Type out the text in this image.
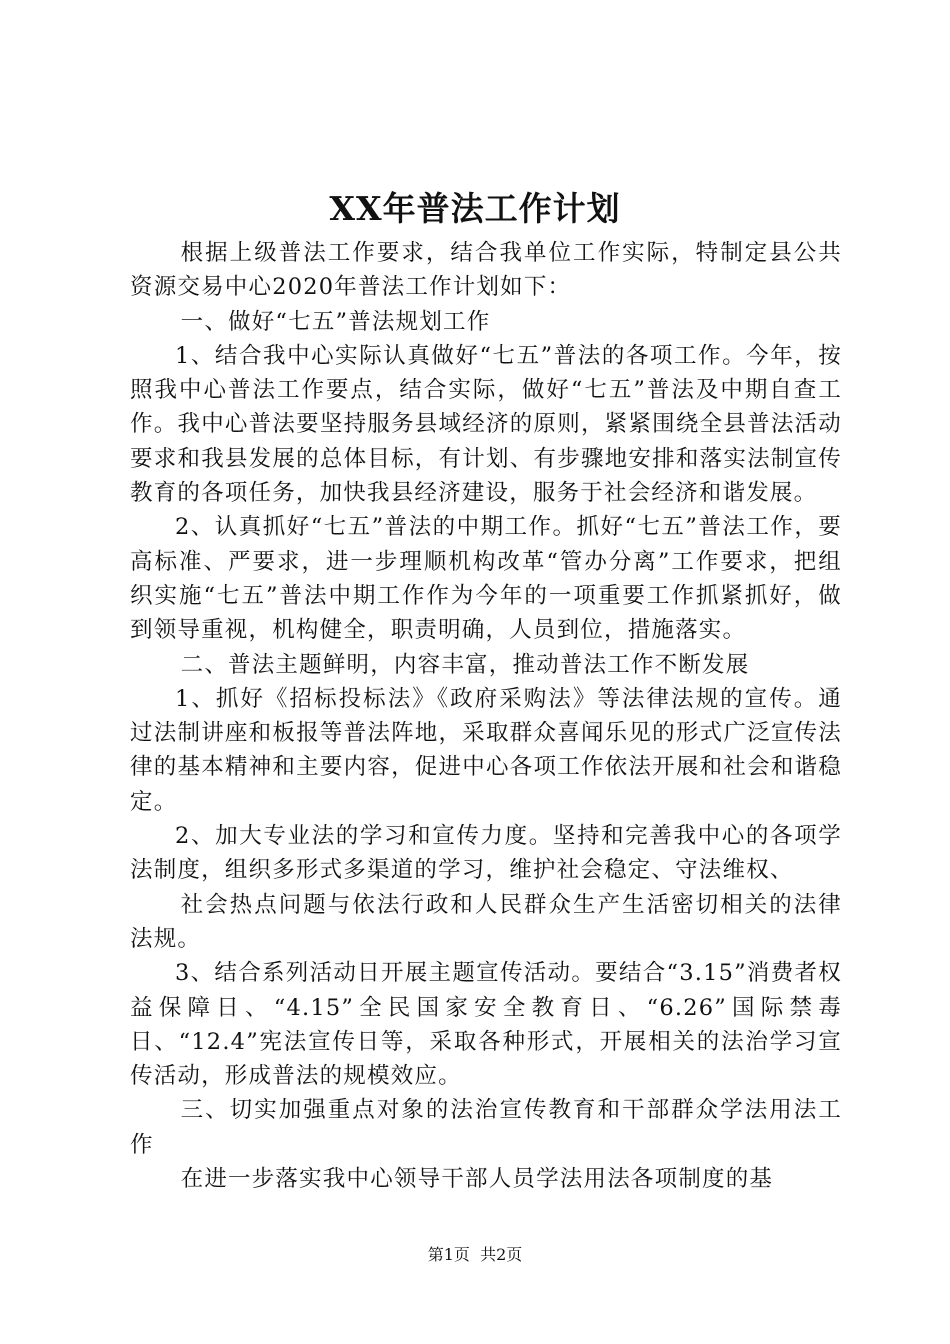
XX年普法工作计划

根据上级普法工作要求，结合我单位工作实际，特制定县公共资源交易中心2020年普法工作计划如下：

一、做好“七五”普法规划工作

1、结合我中心实际认真做好“七五”普法的各项工作。今年，按照我中心普法工作要点，结合实际，做好“七五”普法及中期自查工作。我中心普法要坚持服务县域经济的原则，紧紧围绕全县普法活动要求和我县发展的总体目标，有计划、有步骤地安排和落实法制宣传教育的各项任务，加快我县经济建设，服务于社会经济和谐发展。

2、认真抓好“七五”普法的中期工作。抓好“七五”普法工作，要高标准、严要求，进一步理顺机构改革“管办分离”工作要求，把组织实施“七五”普法中期工作作为今年的一项重要工作抓紧抓好，做到领导重视，机构健全，职责明确，人员到位，措施落实。

二、普法主题鲜明，内容丰富，推动普法工作不断发展

1、抓好《招标投标法》《政府采购法》等法律法规的宣传。通过法制讲座和板报等普法阵地，采取群众喜闻乐见的形式广泛宣传法律的基本精神和主要内容，促进中心各项工作依法开展和社会和谐稳定。

2、加大专业法的学习和宣传力度。坚持和完善我中心的各项学法制度，组织多形式多渠道的学习，维护社会稳定、守法维权、

社会热点问题与依法行政和人民群众生产生活密切相关的法律法规。

3、结合系列活动日开展主题宣传活动。要结合“3.15”消费者权益保障日、“4.15”全民国家安全教育日、“6.26”国际禁毒日、“12.4”宪法宣传日等，采取各种形式，开展相关的法治学习宣传活动，形成普法的规模效应。

三、切实加强重点对象的法治宣传教育和干部群众学法用法工作

在进一步落实我中心领导干部人员学法用法各项制度的基

第1页 共2页
